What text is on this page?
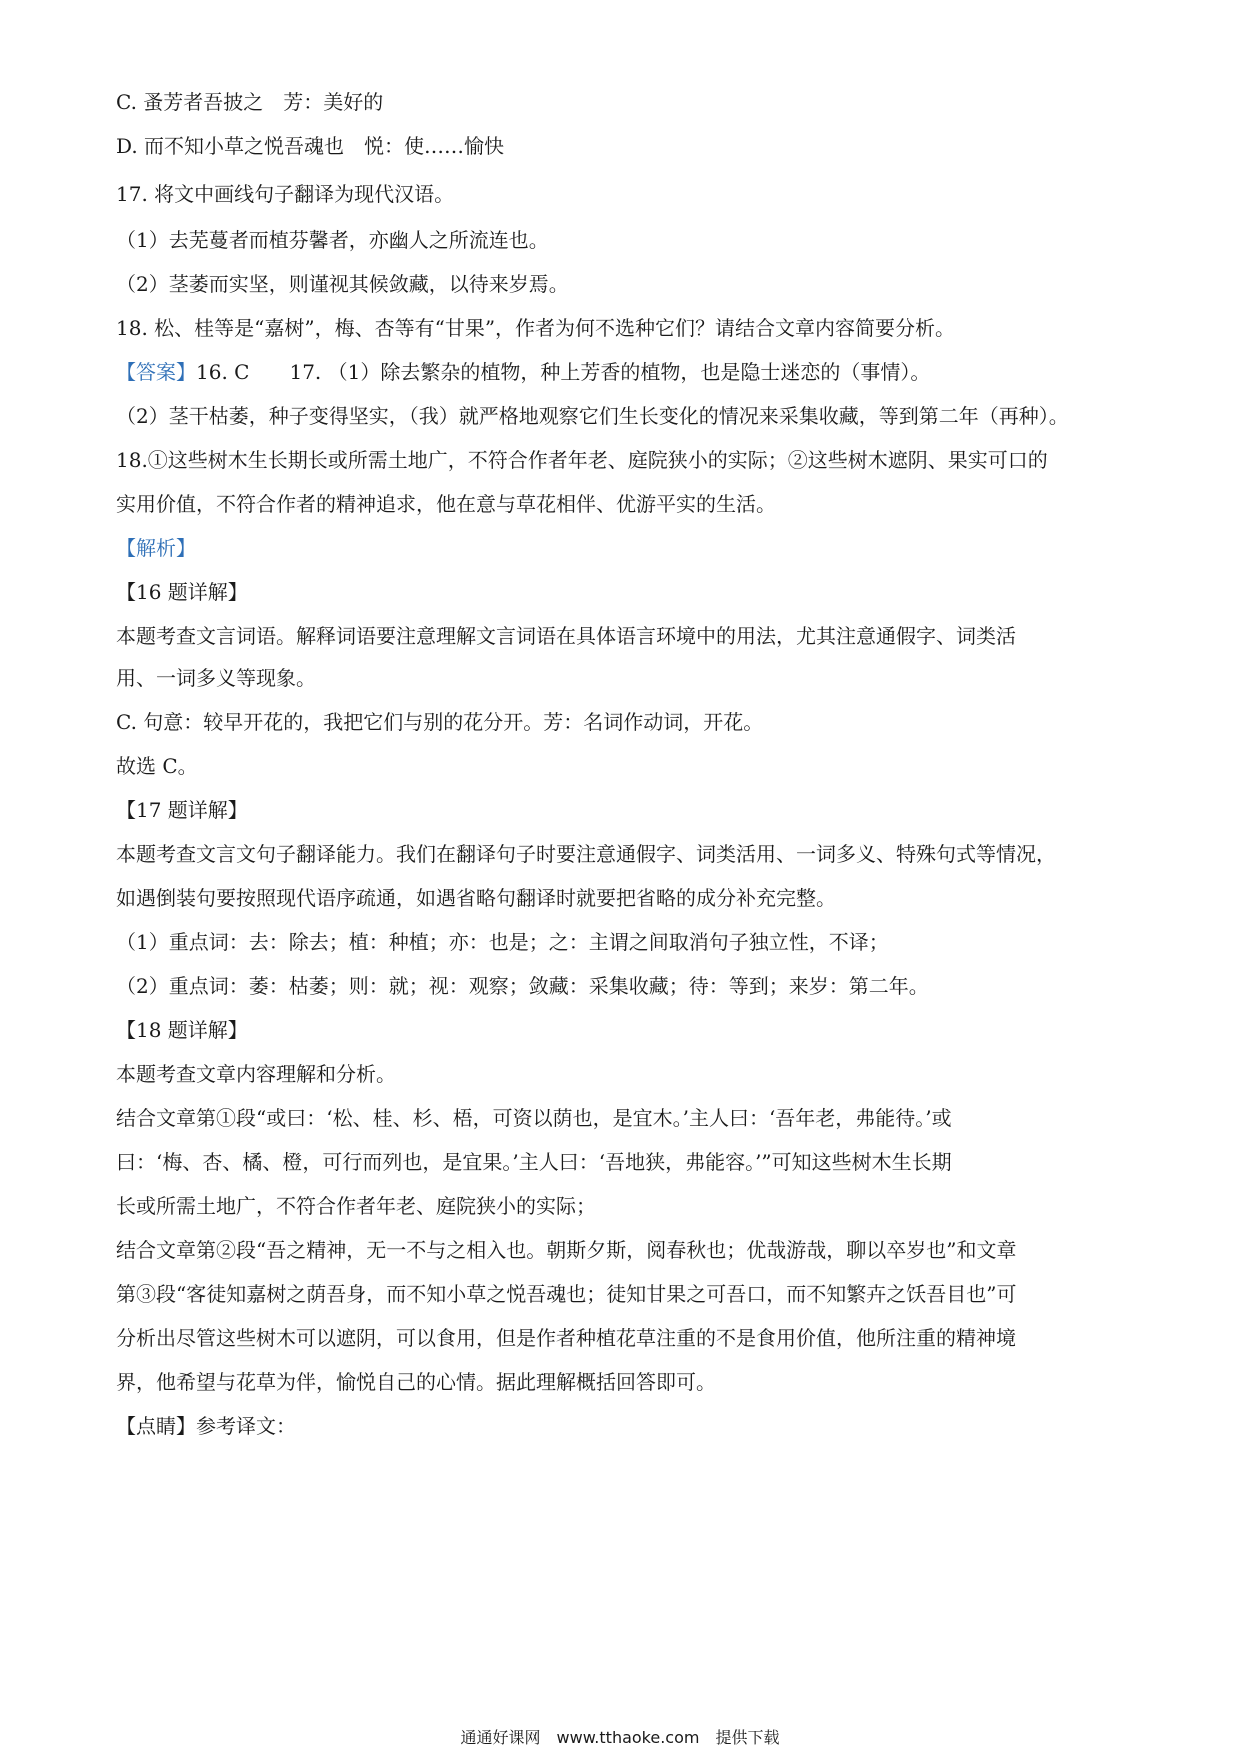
C. 蚤芳者吾披之　芳：美好的
D. 而不知小草之悦吾魂也　悦：使……愉快
17. 将文中画线句子翻译为现代汉语。
（1）去芜蔓者而植芬馨者，亦幽人之所流连也。
（2）茎萎而实坚，则谨视其候敛藏，以待来岁焉。
18. 松、桂等是“嘉树”，梅、杏等有“甘果”，作者为何不选种它们？请结合文章内容简要分析。
【答案】16. C　　17. （1）除去繁杂的植物，种上芳香的植物，也是隐士迷恋的（事情）。
（2）茎干枯萎，种子变得坚实，（我）就严格地观察它们生长变化的情况来采集收藏，等到第二年（再种）。
18.①这些树木生长期长或所需土地广，不符合作者年老、庭院狭小的实际；②这些树木遮阴、果实可口的
实用价值，不符合作者的精神追求，他在意与草花相伴、优游平实的生活。
【解析】
【16 题详解】
本题考查文言词语。解释词语要注意理解文言词语在具体语言环境中的用法，尤其注意通假字、词类活
用、一词多义等现象。
C. 句意：较早开花的，我把它们与别的花分开。芳：名词作动词，开花。
故选 C。
【17 题详解】
本题考查文言文句子翻译能力。我们在翻译句子时要注意通假字、词类活用、一词多义、特殊句式等情况，
如遇倒装句要按照现代语序疏通，如遇省略句翻译时就要把省略的成分补充完整。
（1）重点词：去：除去；植：种植；亦：也是；之：主谓之间取消句子独立性，不译；
（2）重点词：萎：枯萎；则：就；视：观察；敛藏：采集收藏；待：等到；来岁：第二年。
【18 题详解】
本题考查文章内容理解和分析。
结合文章第①段“或曰：‘松、桂、杉、梧，可资以荫也，是宜木。’主人曰：‘吾年老，弗能待。’或
曰：‘梅、杏、橘、橙，可行而列也，是宜果。’主人曰：‘吾地狭，弗能容。’”可知这些树木生长期
长或所需土地广，不符合作者年老、庭院狭小的实际；
结合文章第②段“吾之精神，无一不与之相入也。朝斯夕斯，阅春秋也；优哉游哉，聊以卒岁也”和文章
第③段“客徒知嘉树之荫吾身，而不知小草之悦吾魂也；徒知甘果之可吾口，而不知繁卉之饫吾目也”可
分析出尽管这些树木可以遮阴，可以食用，但是作者种植花草注重的不是食用价值，他所注重的精神境
界，他希望与花草为伴，愉悦自己的心情。据此理解概括回答即可。
【点睛】参考译文：
通通好课网　www.tthaoke.com　提供下载
